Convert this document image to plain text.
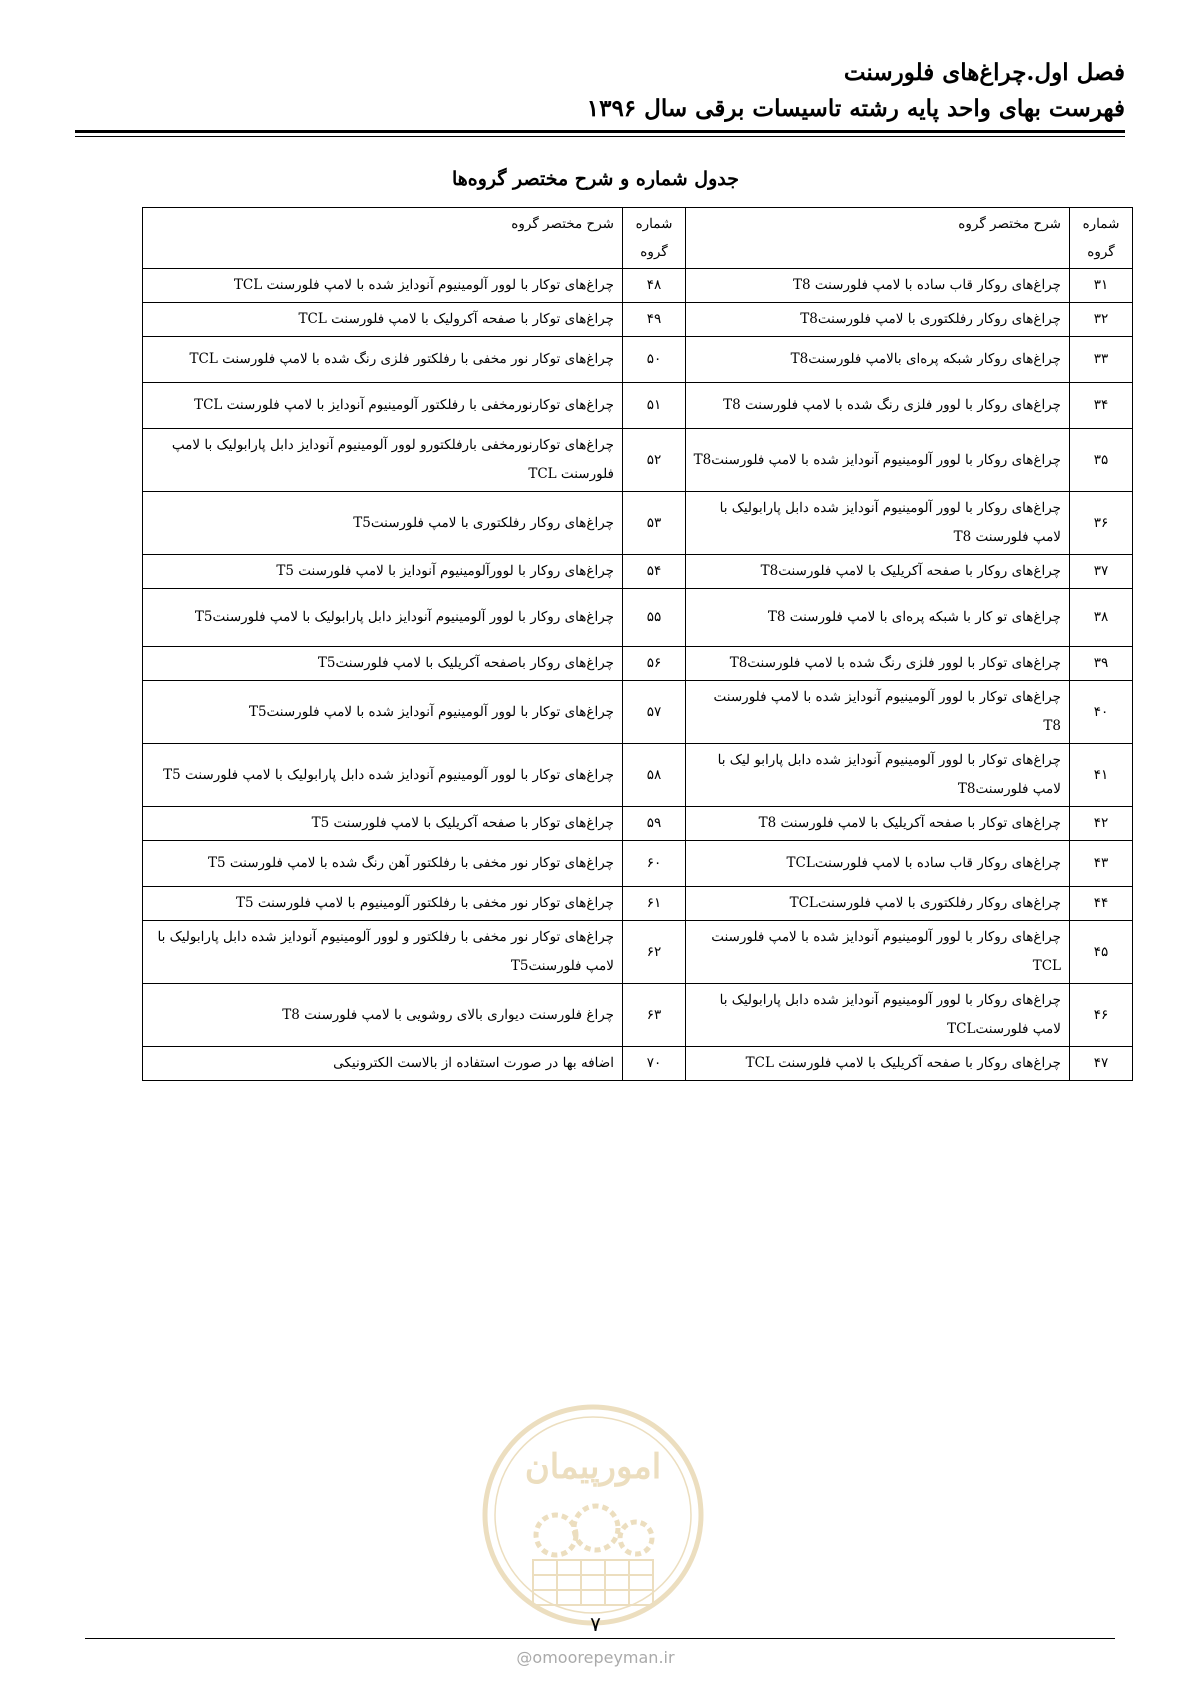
فصل اول.چراغ‌های فلورسنت
فهرست بهای واحد پایه رشته تاسیسات برقی سال ۱۳۹۶
جدول شماره و شرح مختصر گروه‌ها
شماره گروه	شرح مختصر گروه	شماره گروه	شرح مختصر گروه
۳۱	چراغ‌های روکار قاب ساده با لامپ فلورسنت T8	۴۸	چراغ‌های توکار با لوور آلومینیوم آنودایز شده با لامپ فلورسنت TCL
۳۲	چراغ‌های روکار رفلکتوری با لامپ فلورسنتT8	۴۹	چراغ‌های توکار با صفحه آکرولیک با لامپ فلورسنت TCL
۳۳	چراغ‌های روکار شبکه پره‌ای بالامپ فلورسنتT8	۵۰	چراغ‌های توکار نور مخفی با رفلکتور فلزی رنگ شده با لامپ فلورسنت TCL
۳۴	چراغ‌های روکار با لوور فلزی رنگ شده با لامپ فلورسنت T8	۵۱	چراغ‌های توکارنورمخفی با رفلکتور آلومینیوم آنودایز با لامپ فلورسنت TCL
۳۵	چراغ‌های روکار با لوور آلومینیوم آنودایز شده با لامپ فلورسنتT8	۵۲	چراغ‌های توکارنورمخفی بارفلکتورو لوور آلومینیوم آنودایز دابل پارابولیک با لامپ فلورسنت TCL
۳۶	چراغ‌های روکار با لوور آلومینیوم آنودایز شده دابل پارابولیک با لامپ فلورسنت T8	۵۳	چراغ‌های روکار رفلکتوری با لامپ فلورسنتT5
۳۷	چراغ‌های روکار با صفحه آکریلیک با لامپ فلورسنتT8	۵۴	چراغ‌های روکار با لوورآلومینیوم آنودایز با لامپ فلورسنت T5
۳۸	چراغ‌های تو کار با شبکه پره‌ای با لامپ فلورسنت T8	۵۵	چراغ‌های روکار با لوور آلومینیوم آنودایز دابل پارابولیک با لامپ فلورسنتT5
۳۹	چراغ‌های توکار با لوور فلزی رنگ شده با لامپ فلورسنتT8	۵۶	چراغ‌های روکار باصفحه آکریلیک با لامپ فلورسنتT5
۴۰	چراغ‌های توکار با لوور آلومینیوم آنودایز شده با لامپ فلورسنت T8	۵۷	چراغ‌های توکار با لوور آلومینیوم آنودایز شده با لامپ فلورسنتT5
۴۱	چراغ‌های توکار با لوور آلومینیوم آنودایز شده دابل پارابو لیک با لامپ فلورسنتT8	۵۸	چراغ‌های توکار با لوور آلومینیوم آنودایز شده دابل پارابولیک با لامپ فلورسنت T5
۴۲	چراغ‌های توکار با صفحه آکریلیک با لامپ فلورسنت T8	۵۹	چراغ‌های توکار با صفحه آکریلیک با لامپ فلورسنت T5
۴۳	چراغ‌های روکار قاب ساده با لامپ فلورسنتTCL	۶۰	چراغ‌های توکار نور مخفی با رفلکتور آهن رنگ شده با لامپ فلورسنت T5
۴۴	چراغ‌های روکار رفلکتوری با لامپ فلورسنتTCL	۶۱	چراغ‌های توکار نور مخفی با رفلکتور آلومینیوم با لامپ فلورسنت T5
۴۵	چراغ‌های روکار با لوور آلومینیوم آنودایز شده با لامپ فلورسنت TCL	۶۲	چراغ‌های توکار نور مخفی با رفلکتور و لوور آلومینیوم آنودایز شده دابل پارابولیک با لامپ فلورسنتT5
۴۶	چراغ‌های روکار با لوور آلومینیوم آنودایز شده دابل پارابولیک با لامپ فلورسنتTCL	۶۳	چراغ فلورسنت دیواری بالای روشویی با لامپ فلورسنت T8
۴۷	چراغ‌های روکار با صفحه آکریلیک با لامپ فلورسنت TCL	۷۰	اضافه بها در صورت استفاده از بالاست الکترونیکی
امورپیمان
۷
@omoorepeyman.ir
